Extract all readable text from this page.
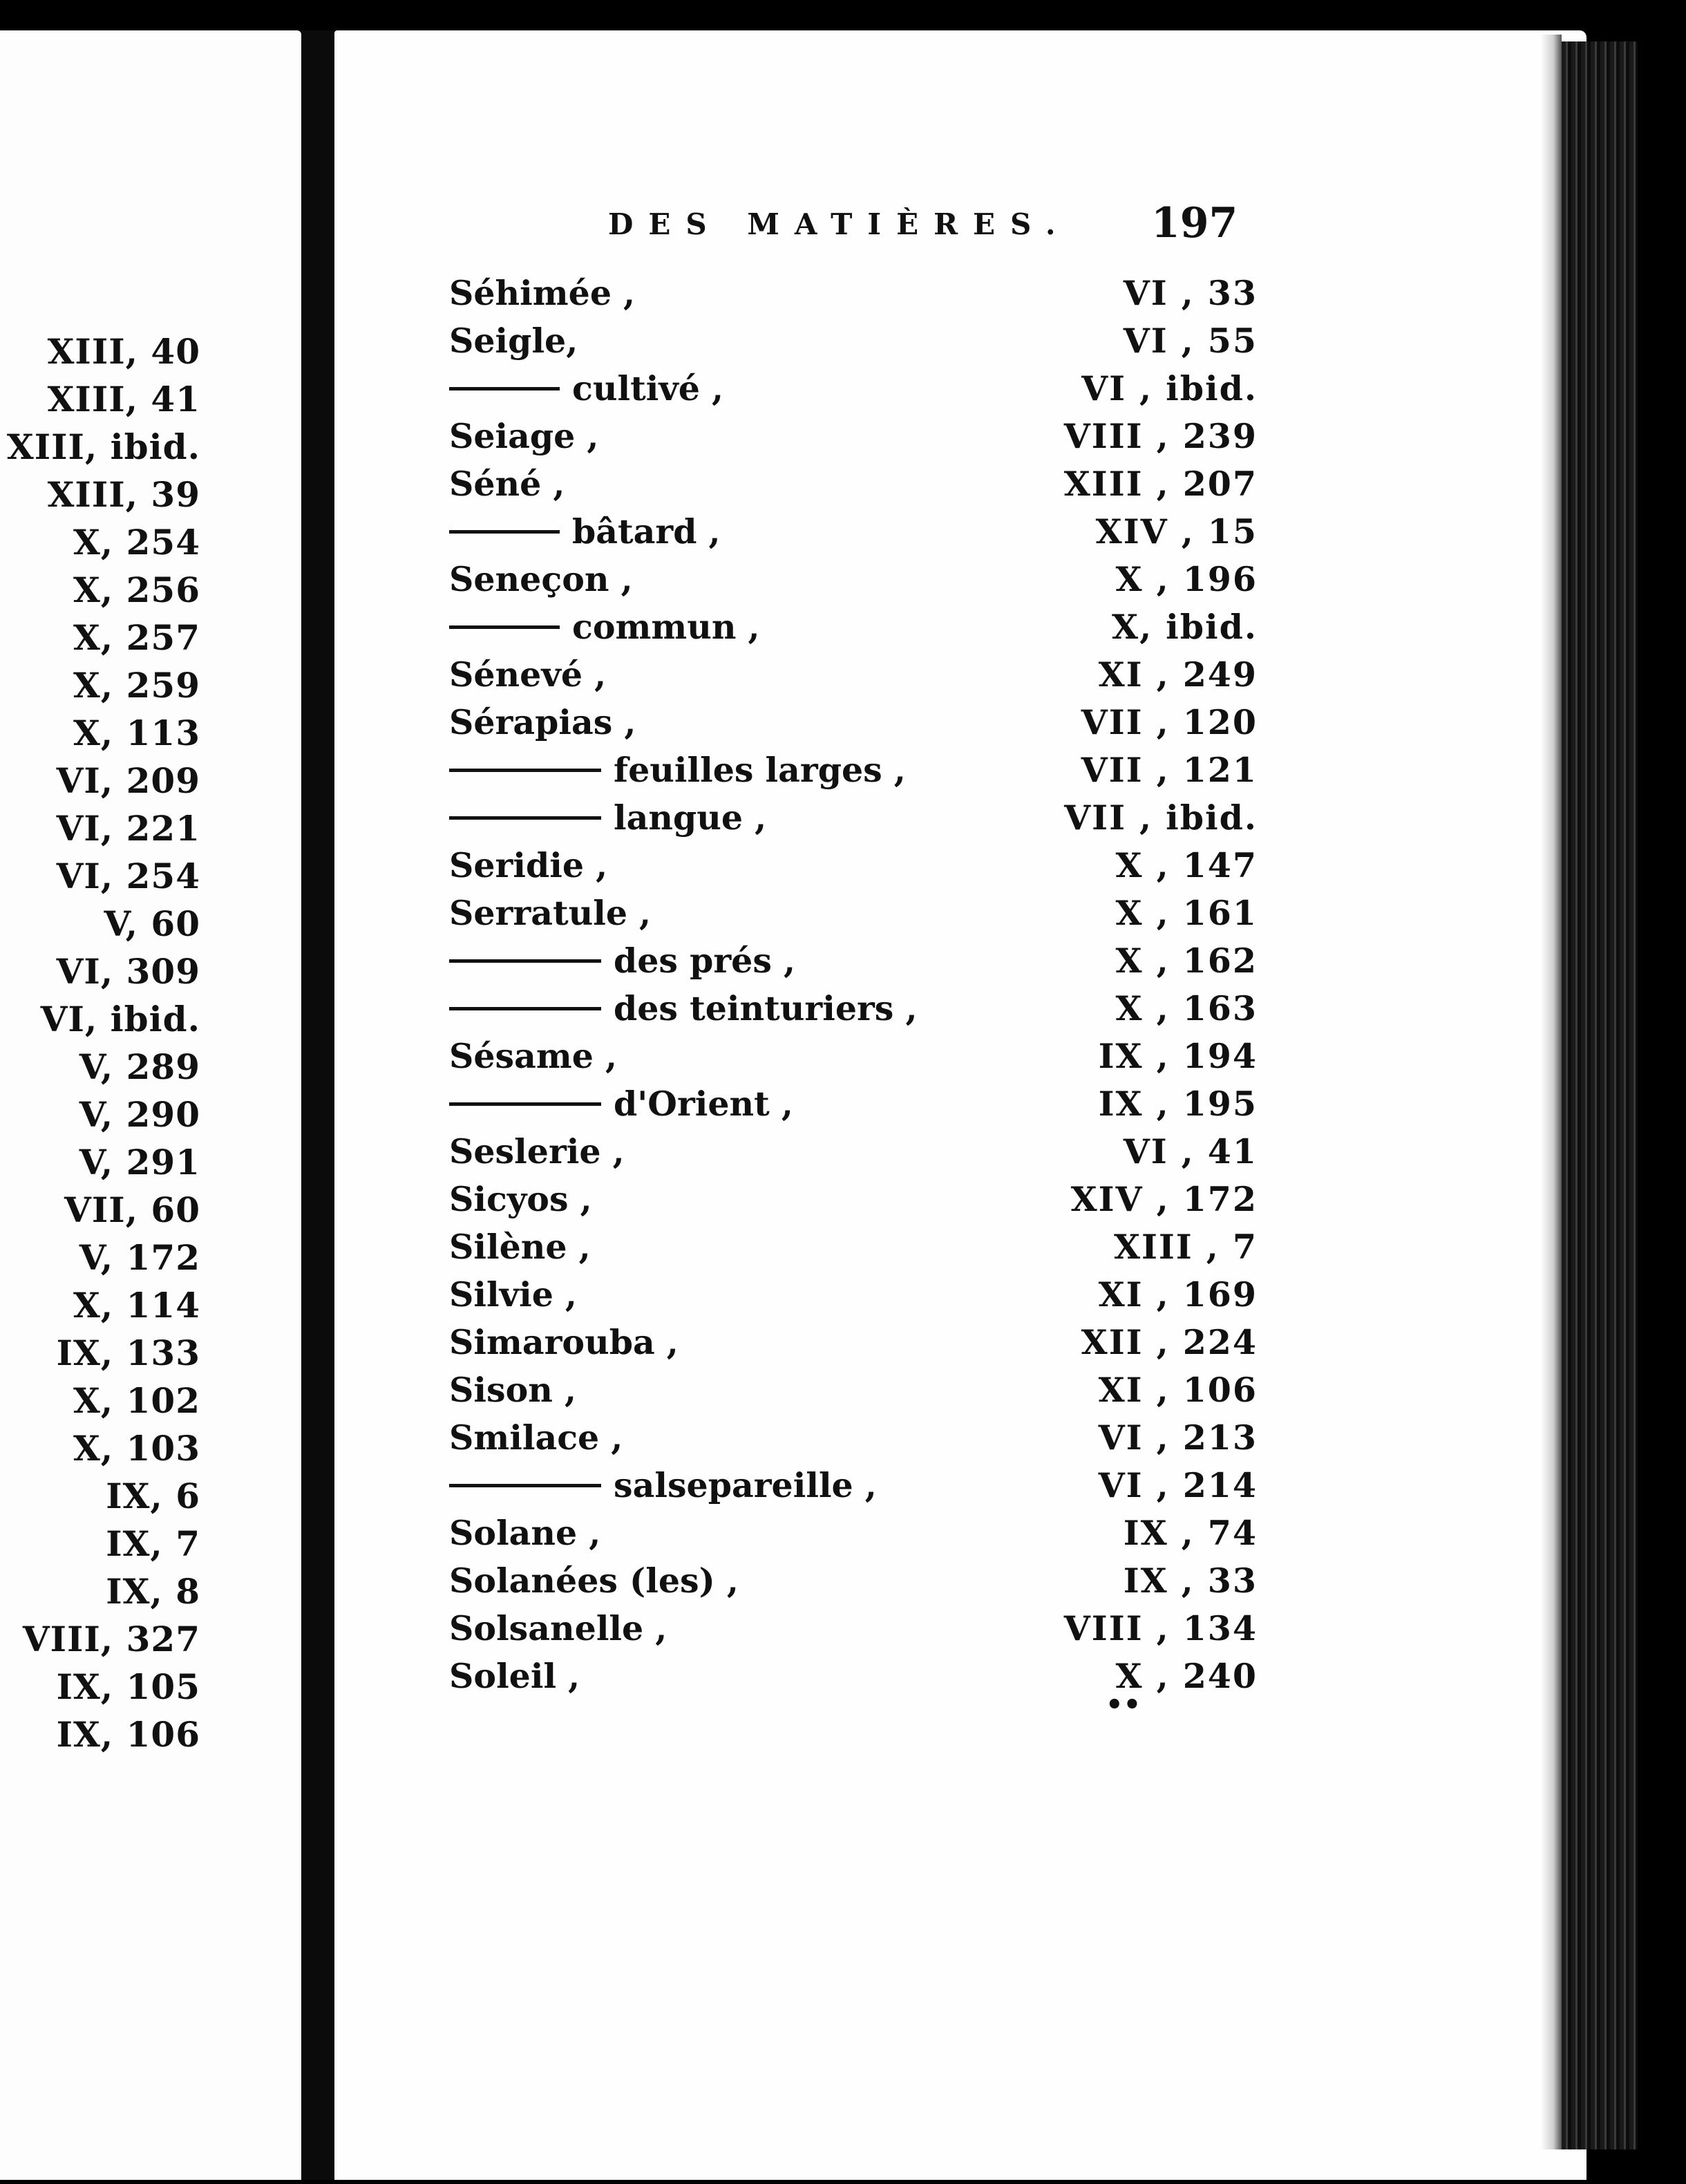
XIII, 40
XIII, 41
XIII, ibid.
XIII, 39
X, 254
X, 256
X, 257
X, 259
X, 113
VI, 209
VI, 221
VI, 254
V, 60
VI, 309
VI, ibid.
V, 289
V, 290
V, 291
VII, 60
V, 172
X, 114
IX, 133
X, 102
X, 103
IX, 6
IX, 7
IX, 8
VIII, 327
IX, 105
IX, 106
DES MATIÈRES. 197
Séhimée ,	VI , 33
Seigle,	VI , 55
cultivé ,	VI , ibid.
Seiage ,	VIII , 239
Séné ,	XIII , 207
bâtard ,	XIV , 15
Seneçon ,	X , 196
commun ,	X, ibid.
Sénevé ,	XI , 249
Sérapias ,	VII , 120
feuilles larges ,	VII , 121
langue ,	VII , ibid.
Seridie ,	X , 147
Serratule ,	X , 161
des prés ,	X , 162
des teinturiers ,	X , 163
Sésame ,	IX , 194
d'Orient ,	IX , 195
Seslerie ,	VI , 41
Sicyos ,	XIV , 172
Silène ,	XIII , 7
Silvie ,	XI , 169
Simarouba ,	XII , 224
Sison ,	XI , 106
Smilace ,	VI , 213
salsepareille ,	VI , 214
Solane ,	IX , 74
Solanées (les) ,	IX , 33
Solsanelle ,	VIII , 134
Soleil ,	X , 240
••
